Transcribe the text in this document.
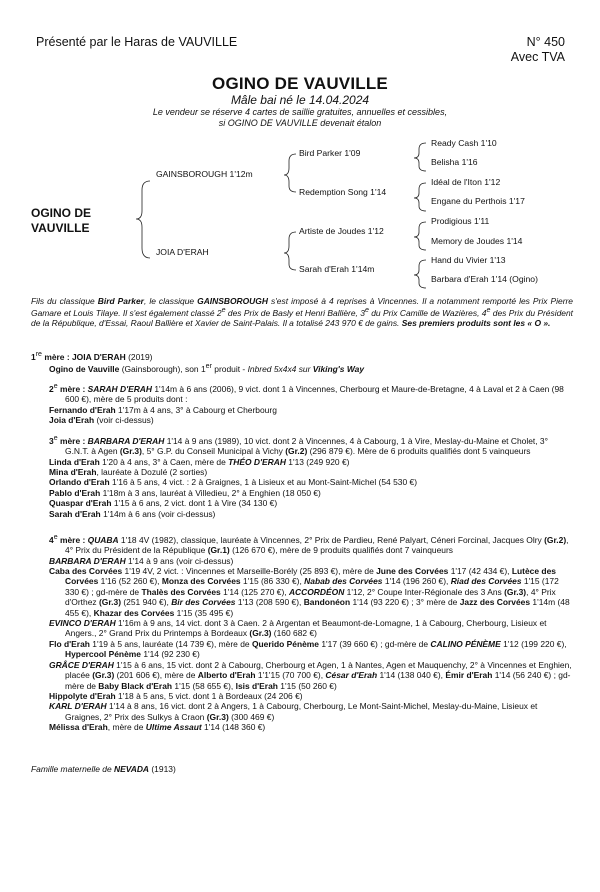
Présenté par le Haras de VAUVILLE	N° 450
Avec TVA
OGINO DE VAUVILLE
Mâle bai né le 14.04.2024
Le vendeur se réserve 4 cartes de saillie gratuites, annuelles et cessibles,
si OGINO DE VAUVILLE devenait étalon
OGINO DE
VAUVILLE
GAINSBOROUGH 1'12m
JOIA D'ERAH
Bird Parker 1'09
Redemption Song 1'14
Artiste de Joudes 1'12
Sarah d'Erah 1'14m
Ready Cash 1'10
Belisha 1'16
Idéal de l'Iton 1'12
Engane du Perthois 1'17
Prodigious 1'11
Memory de Joudes 1'14
Hand du Vivier 1'13
Barbara d'Erah 1'14 (Ogino)
Fils du classique Bird Parker, le classique GAINSBOROUGH s'est imposé à 4 reprises à Vincennes. Il a notamment remporté les Prix Pierre Gamare et Louis Tilaye. Il s'est également classé 2e des Prix de Basly et Henri Ballière, 3e du Prix Camille de Wazières, 4e des Prix du Président de la République, d'Essai, Raoul Ballière et Xavier de Saint-Palais. Il a totalisé 243 970 € de gains. Ses premiers produits sont les « O ».

1re mère : JOIA D'ERAH (2019)

Ogino de Vauville (Gainsborough), son 1er produit - Inbred 5x4x4 sur Viking's Way

2e mère : SARAH D'ERAH 1'14m à 6 ans (2006), 9 vict. dont 1 à Vincennes, Cherbourg et Maure-de-Bretagne, 4 à Laval et 2 à Caen (98 600 €), mère de 5 produits dont :

Fernando d'Erah 1'17m à 4 ans, 3° à Cabourg et Cherbourg

Joia d'Erah (voir ci-dessus)

3e mère : BARBARA D'ERAH 1'14 à 9 ans (1989), 10 vict. dont 2 à Vincennes, 4 à Cabourg, 1 à Vire, Meslay-du-Maine et Cholet, 3° G.N.T. à Agen (Gr.3), 5° G.P. du Conseil Municipal à Vichy (Gr.2) (296 879 €). Mère de 6 produits qualifiés dont 5 vainqueurs

Linda d'Erah 1'20 à 4 ans, 3° à Caen, mère de THÉO D'ERAH 1'13 (249 920 €)

Mina d'Erah, lauréate à Dozulé (2 sorties)

Orlando d'Erah 1'16 à 5 ans, 4 vict. : 2 à Graignes, 1 à Lisieux et au Mont-Saint-Michel (54 530 €)

Pablo d'Erah 1'18m à 3 ans, lauréat à Villedieu, 2° à Enghien (18 050 €)

Quaspar d'Erah 1'15 à 6 ans, 2 vict. dont 1 à Vire (34 130 €)

Sarah d'Erah 1'14m à 6 ans (voir ci-dessus)

4e mère : QUABA 1'18 4V (1982), classique, lauréate à Vincennes, 2° Prix de Pardieu, René Palyart, Céneri Forcinal, Jacques Olry (Gr.2), 4° Prix du Président de la République (Gr.1) (126 670 €), mère de 9 produits qualifiés dont 7 vainqueurs

BARBARA D'ERAH 1'14 à 9 ans (voir ci-dessus)

Caba des Corvées 1'19 4V, 2 vict. : Vincennes et Marseille-Borély (25 893 €), mère de June des Corvées 1'17 (42 434 €), Lutèce des Corvées 1'16 (52 260 €), Monza des Corvées 1'15 (86 330 €), Nabab des Corvées 1'14 (196 260 €), Riad des Corvées 1'15 (172 330 €) ; gd-mère de Thalès des Corvées 1'14 (125 270 €), ACCORDÉON 1'12, 2° Coupe Inter-Régionale des 3 Ans (Gr.3), 4° Prix d'Orthez (Gr.3) (251 940 €), Bir des Corvées 1'13 (208 590 €), Bandonéon 1'14 (93 220 €) ; 3° mère de Jazz des Corvées 1'14m (48 455 €), Khazar des Corvées 1'15 (35 495 €)

EVINCO D'ERAH 1'16m à 9 ans, 14 vict. dont 3 à Caen. 2 à Argentan et Beaumont-de-Lomagne, 1 à Cabourg, Cherbourg, Lisieux et Angers., 2° Grand Prix du Printemps à Bordeaux (Gr.3) (160 682 €)

Flo d'Erah 1'19 à 5 ans, lauréate (14 739 €), mère de Querido Pénème 1'17 (39 660 €) ; gd-mère de CALINO PÉNÈME 1'12 (199 220 €), Hypercool Pénème 1'14 (92 230 €)

GRÂCE D'ERAH 1'15 à 6 ans, 15 vict. dont 2 à Cabourg, Cherbourg et Agen, 1 à Nantes, Agen et Mauquenchy, 2° à Vincennes et Enghien, placée (Gr.3) (201 606 €), mère de Alberto d'Erah 1'1'15 (70 700 €), César d'Erah 1'14 (138 040 €), Émir d'Erah 1'14 (56 240 €) ; gd-mère de Baby Black d'Erah 1'15 (58 655 €), Isis d'Erah 1'15 (50 260 €)

Hippolyte d'Erah 1'18 à 5 ans, 5 vict. dont 1 à Bordeaux (24 206 €)

KARL D'ERAH 1'14 à 8 ans, 16 vict. dont 2 à Angers, 1 à Cabourg, Cherbourg, Le Mont-Saint-Michel, Meslay-du-Maine, Lisieux et Graignes, 2° Prix des Sulkys à Craon (Gr.3) (300 469 €)

Mélissa d'Erah, mère de Ultime Assaut 1'14 (148 360 €)

Famille maternelle de NEVADA (1913)
